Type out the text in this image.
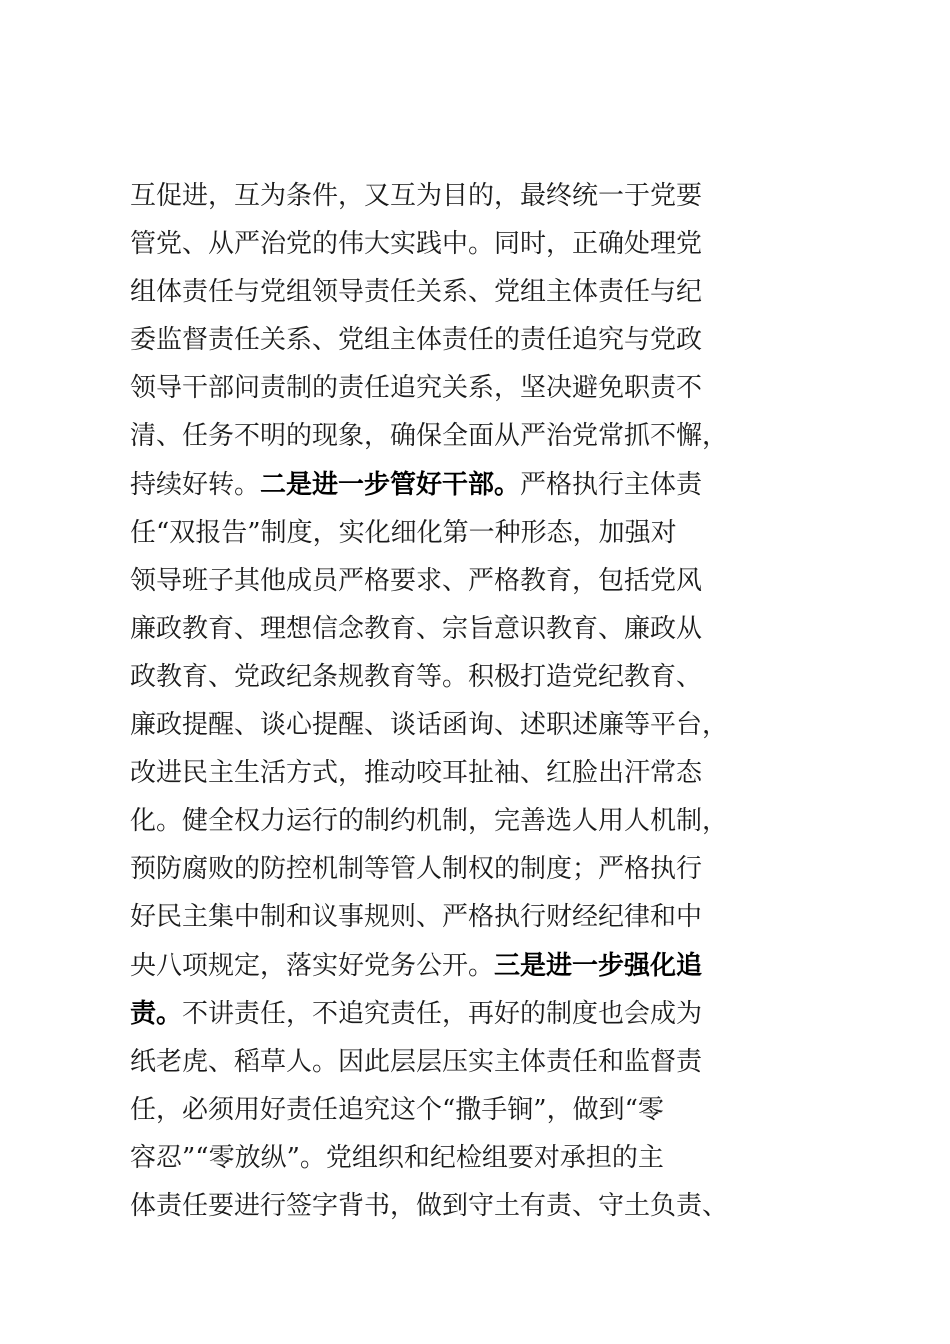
互促进，互为条件，又互为目的，最终统一于党要
管党、从严治党的伟大实践中。同时，正确处理党
组体责任与党组领导责任关系、党组主体责任与纪
委监督责任关系、党组主体责任的责任追究与党政
领导干部问责制的责任追究关系，坚决避免职责不
清、任务不明的现象，确保全面从严治党常抓不懈，
持续好转。二是进一步管好干部。严格执行主体责
任“双报告”制度，实化细化第一种形态，加强对
领导班子其他成员严格要求、严格教育，包括党风
廉政教育、理想信念教育、宗旨意识教育、廉政从
政教育、党政纪条规教育等。积极打造党纪教育、
廉政提醒、谈心提醒、谈话函询、述职述廉等平台，
改进民主生活方式，推动咬耳扯袖、红脸出汗常态
化。健全权力运行的制约机制，完善选人用人机制，
预防腐败的防控机制等管人制权的制度；严格执行
好民主集中制和议事规则、严格执行财经纪律和中
央八项规定，落实好党务公开。三是进一步强化追
责。不讲责任，不追究责任，再好的制度也会成为
纸老虎、稻草人。因此层层压实主体责任和监督责
任，必须用好责任追究这个“撒手锏”，做到“零
容忍”“零放纵”。党组织和纪检组要对承担的主
体责任要进行签字背书，做到守土有责、守土负责、
